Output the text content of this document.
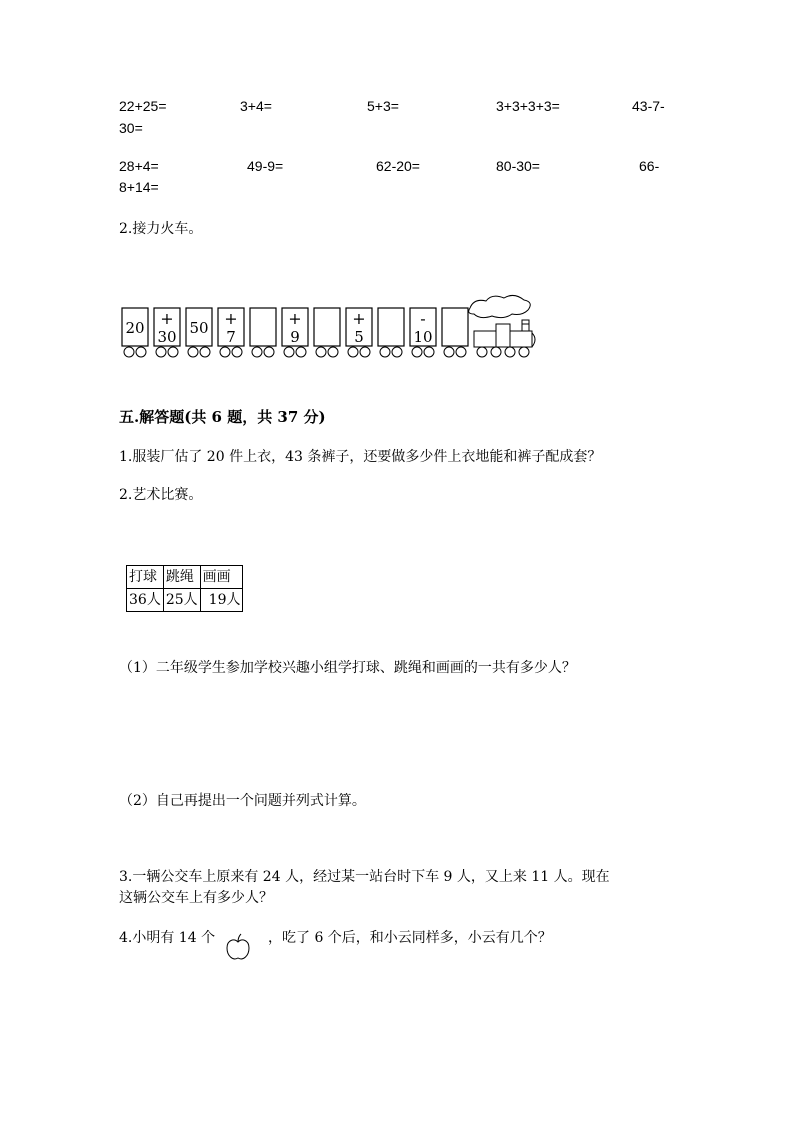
22+25=	3+4=	5+3=	3+3+3+3=	43-7-
30=
28+4=	49-9=	62-20=	80-30=	66-
8+14=
2.接力火车。
20 +
30 50 +
7
+
9
+
5
-
10
五.解答题(共 6 题，共 37 分)
1.服装厂估了 20 件上衣，43 条裤子，还要做多少件上衣地能和裤子配成套？
2.艺术比赛。
打球	跳绳	画画
36人	25人	19人
（1）二年级学生参加学校兴趣小组学打球、跳绳和画画的一共有多少人？
（2）自己再提出一个问题并列式计算。
3.一辆公交车上原来有 24 人，经过某一站台时下车 9 人，又上来 11 人。现在
这辆公交车上有多少人？
4.小明有 14 个	，吃了 6 个后，和小云同样多，小云有几个？
